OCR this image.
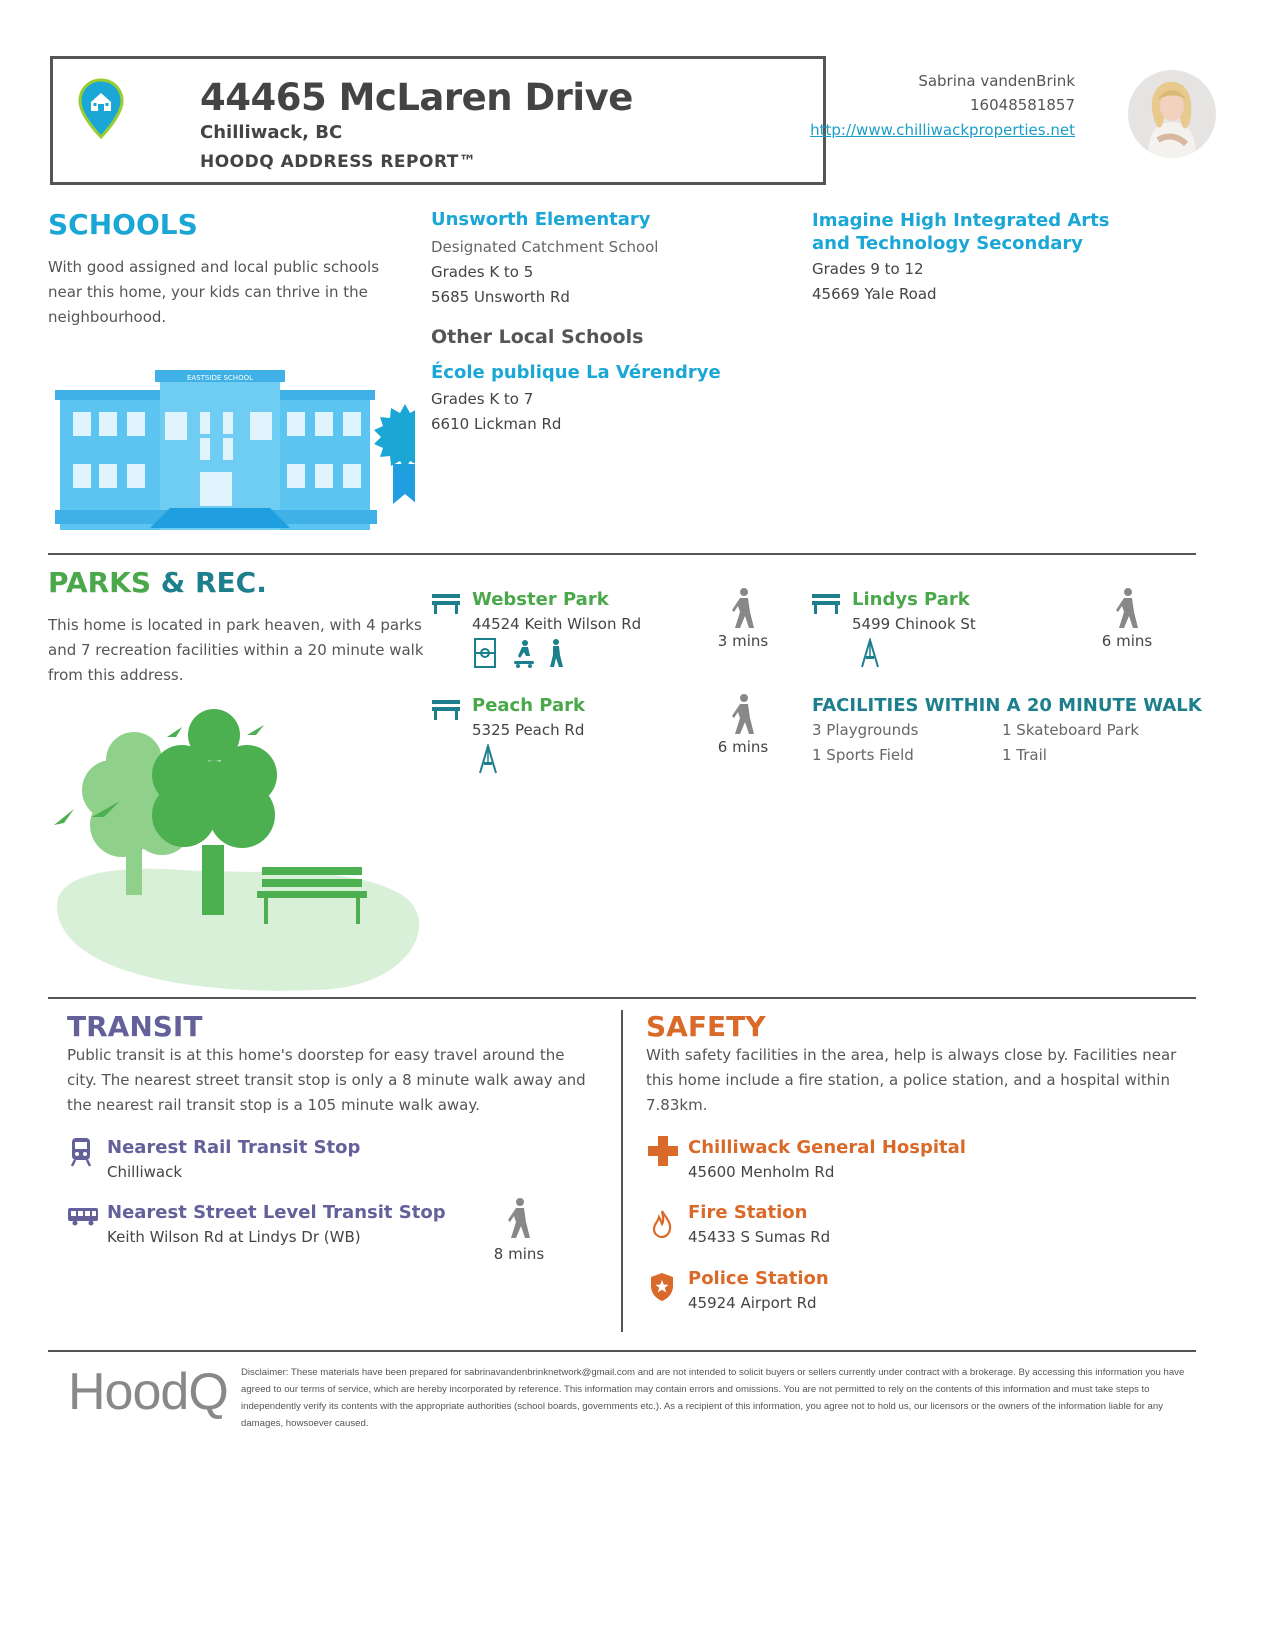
44465 McLaren Drive
Chilliwack, BC
HOODQ ADDRESS REPORT™
Sabrina vandenBrink
16048581857
http://www.chilliwackproperties.net
SCHOOLS
With good assigned and local public schools near this home, your kids can thrive in the neighbourhood.
EASTSIDE SCHOOL
Unsworth Elementary
Designated Catchment School
Grades K to 5
5685 Unsworth Rd
Imagine High Integrated Arts and Technology Secondary
Grades 9 to 12
45669 Yale Road
Other Local Schools
École publique La Vérendrye
Grades K to 7
6610 Lickman Rd
PARKS & REC.
This home is located in park heaven, with 4 parks and 7 recreation facilities within a 20 minute walk from this address.
Webster Park
44524 Keith Wilson Rd
3 mins
Lindys Park
5499 Chinook St
6 mins
Peach Park
5325 Peach Rd
6 mins
FACILITIES WITHIN A 20 MINUTE WALK
3 Playgrounds	1 Skateboard Park
1 Sports Field	1 Trail
TRANSIT
Public transit is at this home's doorstep for easy travel around the city. The nearest street transit stop is only a 8 minute walk away and the nearest rail transit stop is a 105 minute walk away.
Nearest Rail Transit Stop
Chilliwack
Nearest Street Level Transit Stop
Keith Wilson Rd at Lindys Dr (WB)
8 mins
SAFETY
With safety facilities in the area, help is always close by. Facilities near this home include a fire station, a police station, and a hospital within 7.83km.
Chilliwack General Hospital
45600 Menholm Rd
Fire Station
45433 S Sumas Rd
Police Station
45924 Airport Rd
HoodQ Disclaimer: These materials have been prepared for sabrinavandenbrinknetwork@gmail.com and are not intended to solicit buyers or sellers currently under contract with a brokerage. By accessing this information you have agreed to our terms of service, which are hereby incorporated by reference. This information may contain errors and omissions. You are not permitted to rely on the contents of this information and must take steps to independently verify its contents with the appropriate authorities (school boards, governments etc.). As a recipient of this information, you agree not to hold us, our licensors or the owners of the information liable for any damages, howsoever caused.
